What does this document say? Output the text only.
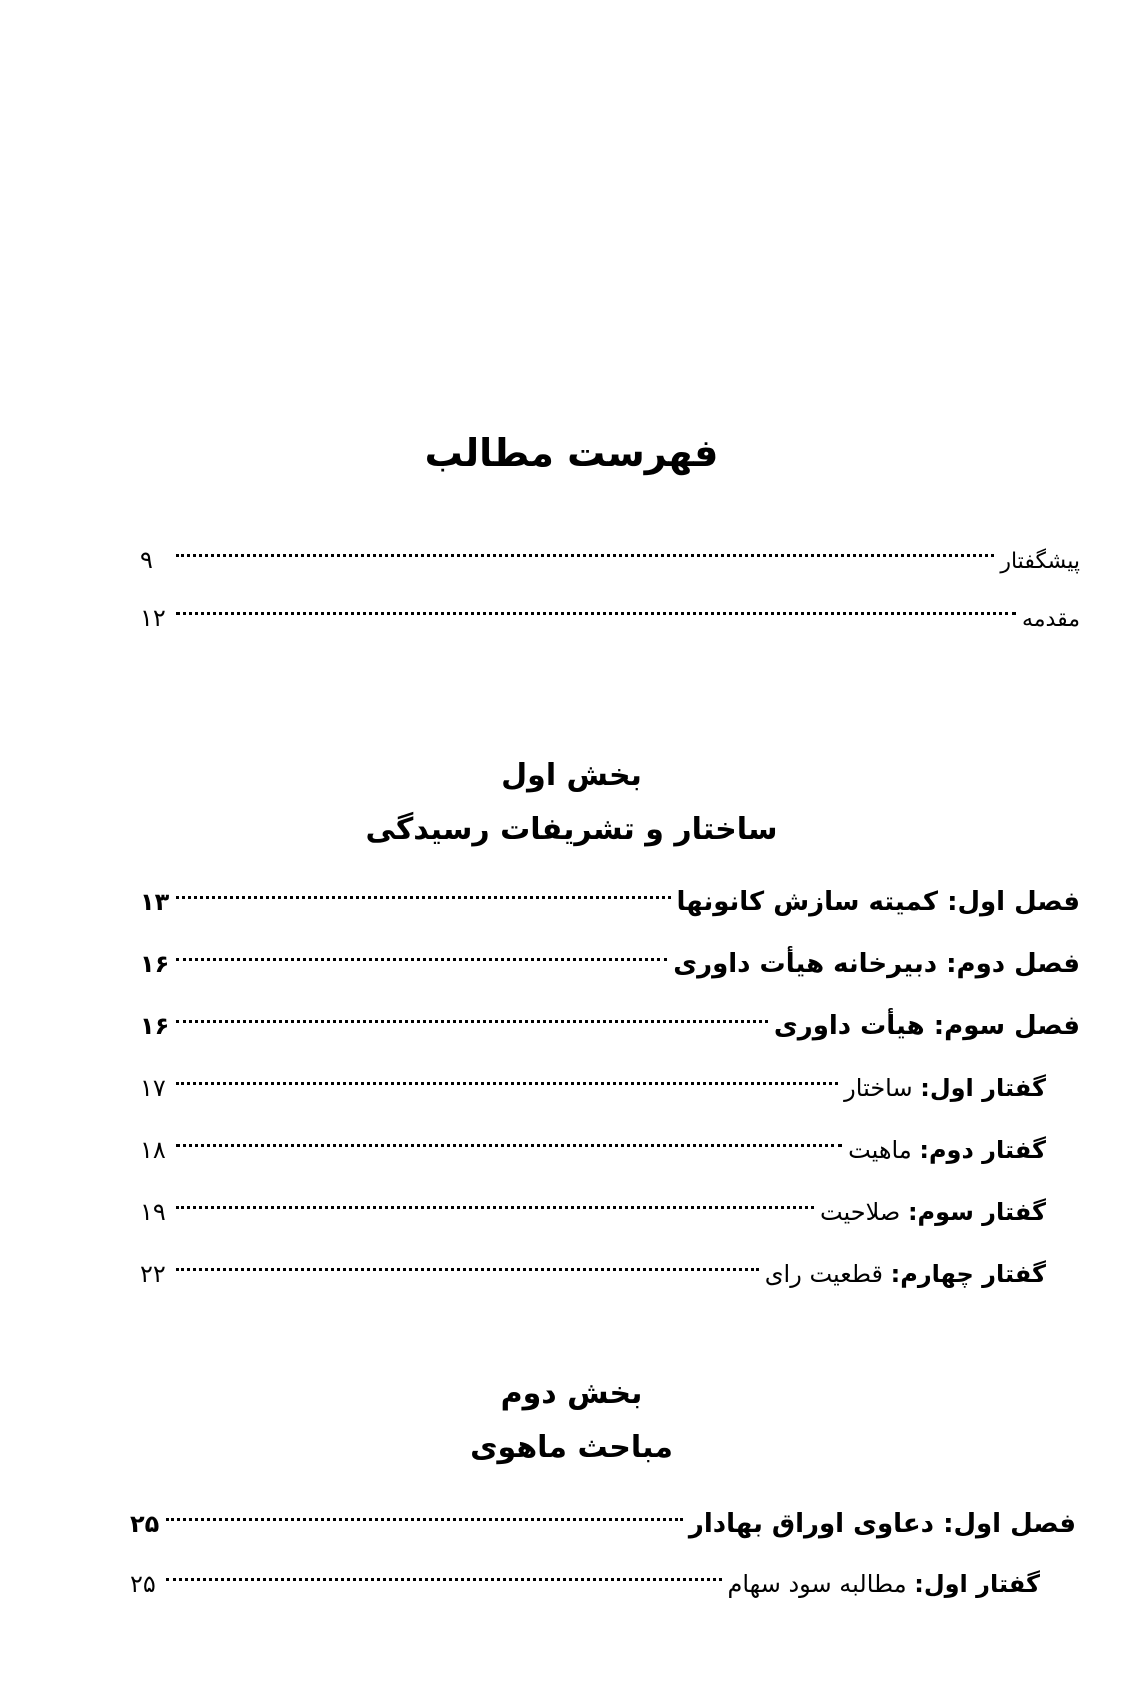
فهرست مطالب
پیشگفتار
۹
مقدمه
۱۲
بخش اول
ساختار و تشریفات رسیدگی
فصل اول: کمیته سازش کانونها
۱۳
فصل دوم: دبیرخانه هیأت داوری
۱۶
فصل سوم: هیأت داوری
۱۶
گفتار اول: ساختار
۱۷
گفتار دوم: ماهیت
۱۸
گفتار سوم: صلاحیت
۱۹
گفتار چهارم: قطعیت رای
۲۲
بخش دوم
مباحث ماهوی
فصل اول: دعاوی اوراق بهادار
۲۵
گفتار اول: مطالبه سود سهام
۲۵
